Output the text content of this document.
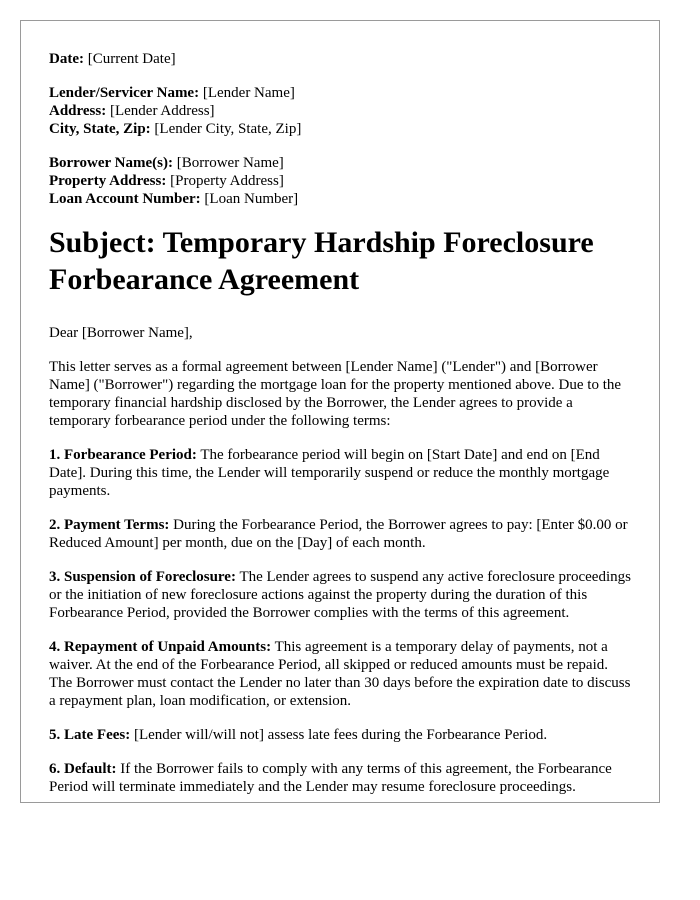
Date: [Current Date]
Lender/Servicer Name: [Lender Name]
Address: [Lender Address]
City, State, Zip: [Lender City, State, Zip]
Borrower Name(s): [Borrower Name]
Property Address: [Property Address]
Loan Account Number: [Loan Number]
Subject: Temporary Hardship Foreclosure Forbearance Agreement

Dear [Borrower Name],

This letter serves as a formal agreement between [Lender Name] ("Lender") and [Borrower Name] ("Borrower") regarding the mortgage loan for the property mentioned above. Due to the temporary financial hardship disclosed by the Borrower, the Lender agrees to provide a temporary forbearance period under the following terms:

1. Forbearance Period: The forbearance period will begin on [Start Date] and end on [End Date]. During this time, the Lender will temporarily suspend or reduce the monthly mortgage payments.

2. Payment Terms: During the Forbearance Period, the Borrower agrees to pay: [Enter $0.00 or Reduced Amount] per month, due on the [Day] of each month.

3. Suspension of Foreclosure: The Lender agrees to suspend any active foreclosure proceedings or the initiation of new foreclosure actions against the property during the duration of this Forbearance Period, provided the Borrower complies with the terms of this agreement.

4. Repayment of Unpaid Amounts: This agreement is a temporary delay of payments, not a waiver. At the end of the Forbearance Period, all skipped or reduced amounts must be repaid. The Borrower must contact the Lender no later than 30 days before the expiration date to discuss a repayment plan, loan modification, or extension.

5. Late Fees: [Lender will/will not] assess late fees during the Forbearance Period.

6. Default: If the Borrower fails to comply with any terms of this agreement, the Forbearance Period will terminate immediately and the Lender may resume foreclosure proceedings.
